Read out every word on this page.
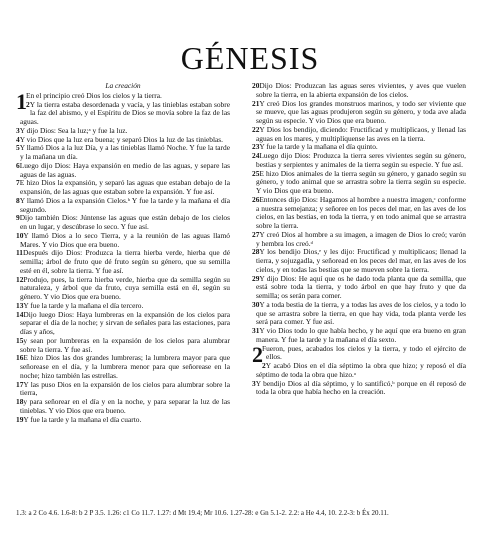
GÉNESIS
La creación

1 En el principio creó Dios los cielos y la tierra.

2Y la tierra estaba desordenada y vacía, y las tinieblas estaban sobre la faz del abismo, y el Espíritu de Dios se movía sobre la faz de las aguas.

3Y dijo Dios: Sea la luz;ᵃ y fue la luz.

4Y vio Dios que la luz era buena; y separó Dios la luz de las tinieblas.

5Y llamó Dios a la luz Día, y a las tinieblas llamó Noche. Y fue la tarde y la mañana un día.

6Luego dijo Dios: Haya expansión en medio de las aguas, y separe las aguas de las aguas.

7E hizo Dios la expansión, y separó las aguas que estaban debajo de la expansión, de las aguas que estaban sobre la expansión. Y fue así.

8Y llamó Dios a la expansión Cielos.ᵇ Y fue la tarde y la mañana el día segundo.

9Dijo también Dios: Júntense las aguas que están debajo de los cielos en un lugar, y descúbrase lo seco. Y fue así.

10Y llamó Dios a lo seco Tierra, y a la reunión de las aguas llamó Mares. Y vio Dios que era bueno.

11Después dijo Dios: Produzca la tierra hierba verde, hierba que dé semilla; árbol de fruto que dé fruto según su género, que su semilla esté en él, sobre la tierra. Y fue así.

12Produjo, pues, la tierra hierba verde, hierba que da semilla según su naturaleza, y árbol que da fruto, cuya semilla está en él, según su género. Y vio Dios que era bueno.

13Y fue la tarde y la mañana el día tercero.

14Dijo luego Dios: Haya lumbreras en la expansión de los cielos para separar el día de la noche; y sirvan de señales para las estaciones, para días y años,

15y sean por lumbreras en la expansión de los cielos para alumbrar sobre la tierra. Y fue así.

16E hizo Dios las dos grandes lumbreras; la lumbrera mayor para que señorease en el día, y la lumbrera menor para que señorease en la noche; hizo también las estrellas.

17Y las puso Dios en la expansión de los cielos para alumbrar sobre la tierra,

18y para señorear en el día y en la noche, y para separar la luz de las tinieblas. Y vio Dios que era bueno.

19Y fue la tarde y la mañana el día cuarto.

20Dijo Dios: Produzcan las aguas seres vivientes, y aves que vuelen sobre la tierra, en la abierta expansión de los cielos.

21Y creó Dios los grandes monstruos marinos, y todo ser viviente que se mueve, que las aguas produjeron según su género, y toda ave alada según su especie. Y vio Dios que era bueno.

22Y Dios los bendijo, diciendo: Fructificad y multiplicaos, y llenad las aguas en los mares, y multiplíquense las aves en la tierra.

23Y fue la tarde y la mañana el día quinto.

24Luego dijo Dios: Produzca la tierra seres vivientes según su género, bestias y serpientes y animales de la tierra según su especie. Y fue así.

25E hizo Dios animales de la tierra según su género, y ganado según su género, y todo animal que se arrastra sobre la tierra según su especie. Y vio Dios que era bueno.

26Entonces dijo Dios: Hagamos al hombre a nuestra imagen,ᶜ conforme a nuestra semejanza; y señoree en los peces del mar, en las aves de los cielos, en las bestias, en toda la tierra, y en todo animal que se arrastra sobre la tierra.

27Y creó Dios al hombre a su imagen, a imagen de Dios lo creó; varón y hembra los creó.ᵈ

28Y los bendijo Dios,ᵉ y les dijo: Fructificad y multiplicaos; llenad la tierra, y sojuzgadla, y señoread en los peces del mar, en las aves de los cielos, y en todas las bestias que se mueven sobre la tierra.

29Y dijo Dios: He aquí que os he dado toda planta que da semilla, que está sobre toda la tierra, y todo árbol en que hay fruto y que da semilla; os serán para comer.

30Y a toda bestia de la tierra, y a todas las aves de los cielos, y a todo lo que se arrastra sobre la tierra, en que hay vida, toda planta verde les será para comer. Y fue así.

31Y vio Dios todo lo que había hecho, y he aquí que era bueno en gran manera. Y fue la tarde y la mañana el día sexto.

2 Fueron, pues, acabados los cielos y la tierra, y todo el ejército de ellos.

2Y acabó Dios en el día séptimo la obra que hizo; y reposó el día séptimo de toda la obra que hizo.ᵃ

3Y bendijo Dios al día séptimo, y lo santificó,ᵇ porque en él reposó de toda la obra que había hecho en la creación.

1.3: a 2 Co 4.6. 1.6-8: b 2 P 3.5. 1.26: c1 Co 11.7. 1.27: d Mt 19.4; Mr 10.6. 1.27-28: e Gn 5.1-2. 2.2: a He 4.4, 10. 2.2-3: b Éx 20.11.
